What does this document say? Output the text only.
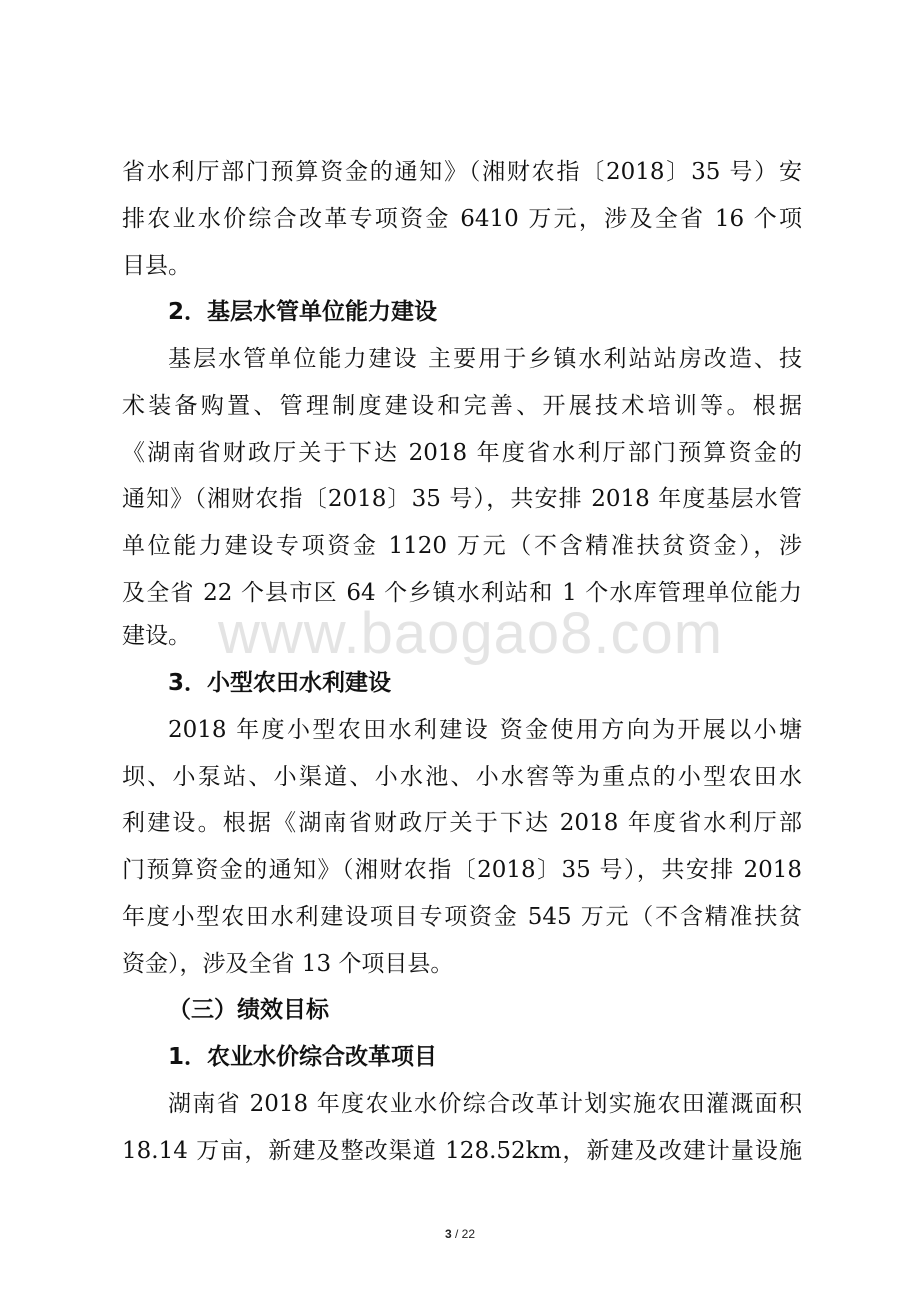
省水利厅部门预算资金的通知》（湘财农指〔2018〕35 号）安

排农业水价综合改革专项资金 6410 万元，涉及全省 16 个项

目县。

2．基层水管单位能力建设

基层水管单位能力建设 主要用于乡镇水利站站房改造、技

术装备购置、管理制度建设和完善、开展技术培训等。根据

《湖南省财政厅关于下达 2018 年度省水利厅部门预算资金的

通知》（湘财农指〔2018〕35 号），共安排 2018 年度基层水管

单位能力建设专项资金 1120 万元（不含精准扶贫资金），涉

及全省 22 个县市区 64 个乡镇水利站和 1 个水库管理单位能力

建设。 www.baogao8.com

3．小型农田水利建设

2018 年度小型农田水利建设 资金使用方向为开展以小塘

坝、小泵站、小渠道、小水池、小水窖等为重点的小型农田水

利建设。根据《湖南省财政厅关于下达 2018 年度省水利厅部

门预算资金的通知》（湘财农指〔2018〕35 号），共安排 2018

年度小型农田水利建设项目专项资金 545 万元（不含精准扶贫

资金），涉及全省 13 个项目县。

（三）绩效目标

1．农业水价综合改革项目

湖南省 2018 年度农业水价综合改革计划实施农田灌溉面积

18.14 万亩，新建及整改渠道 128.52km，新建及改建计量设施

3 / 22
